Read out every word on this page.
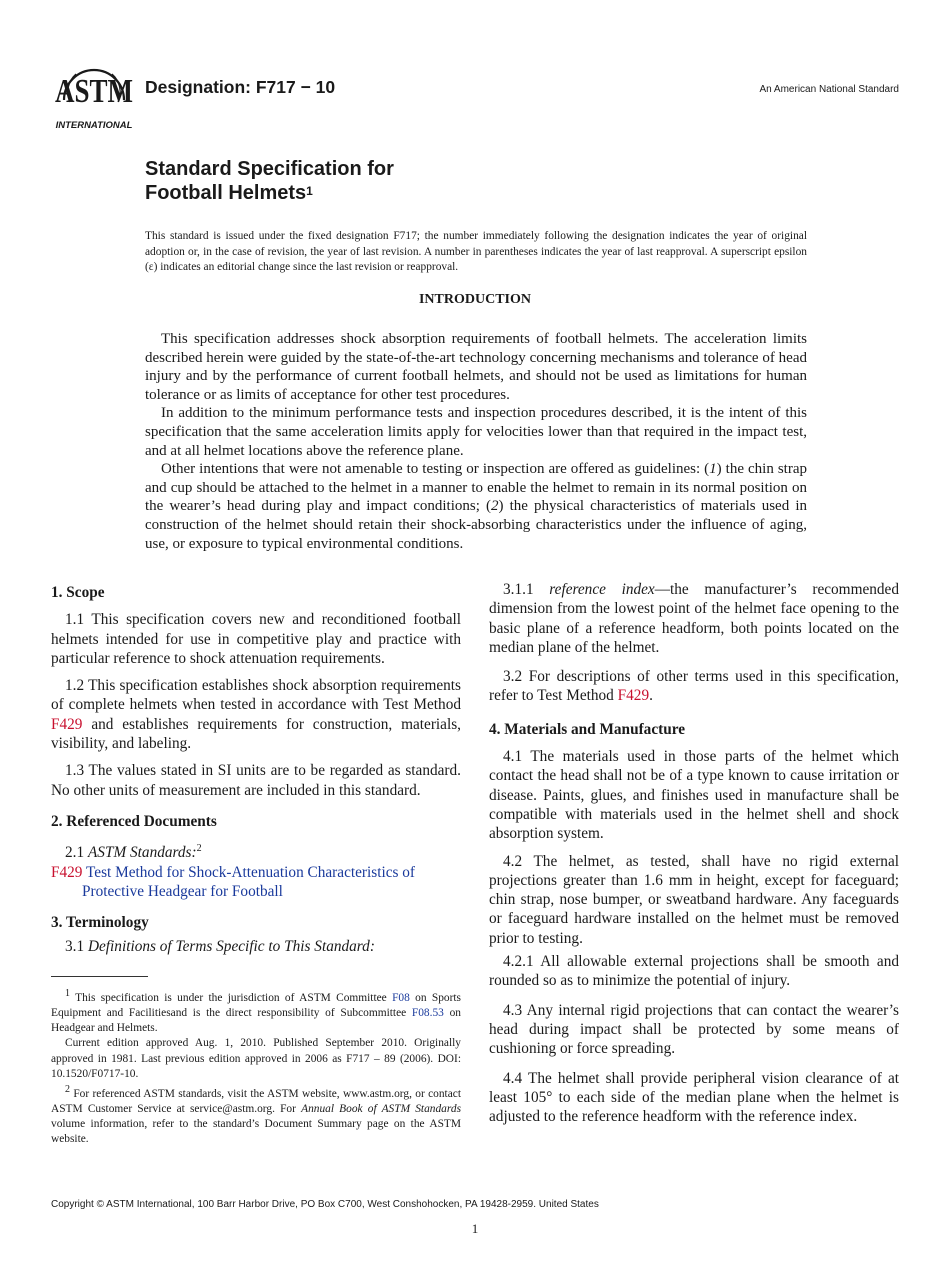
ASTM
INTERNATIONAL
Designation: F717 − 10	An American National Standard
Standard Specification for
Football Helmets$^1$
This standard is issued under the fixed designation F717; the number immediately following the designation indicates the year of original adoption or, in the case of revision, the year of last revision. A number in parentheses indicates the year of last reapproval. A superscript epsilon (ε) indicates an editorial change since the last revision or reapproval.
INTRODUCTION

This specification addresses shock absorption requirements of football helmets. The acceleration limits described herein were guided by the state-of-the-art technology concerning mechanisms and tolerance of head injury and by the performance of current football helmets, and should not be used as limitations for human tolerance or as limits of acceptance for other test procedures.

In addition to the minimum performance tests and inspection procedures described, it is the intent of this specification that the same acceleration limits apply for velocities lower than that required in the impact test, and at all helmet locations above the reference plane.

Other intentions that were not amenable to testing or inspection are offered as guidelines: (1) the chin strap and cup should be attached to the helmet in a manner to enable the helmet to remain in its normal position on the wearer’s head during play and impact conditions; (2) the physical characteristics of materials used in construction of the helmet should retain their shock-absorbing characteristics under the influence of aging, use, or exposure to typical environmental conditions.

1. Scope

1.1 This specification covers new and reconditioned football helmets intended for use in competitive play and practice with particular reference to shock attenuation requirements.

1.2 This specification establishes shock absorption requirements of complete helmets when tested in accordance with Test Method F429 and establishes requirements for construction, materials, visibility, and labeling.

1.3 The values stated in SI units are to be regarded as standard. No other units of measurement are included in this standard.

2. Referenced Documents

2.1 ASTM Standards:$^2$

F429 Test Method for Shock-Attenuation Characteristics of Protective Headgear for Football

3. Terminology

3.1 Definitions of Terms Specific to This Standard:

3.1.1 reference index—the manufacturer’s recommended dimension from the lowest point of the helmet face opening to the basic plane of a reference headform, both points located on the median plane of the helmet.

3.2 For descriptions of other terms used in this specification, refer to Test Method F429.

4. Materials and Manufacture

4.1 The materials used in those parts of the helmet which contact the head shall not be of a type known to cause irritation or disease. Paints, glues, and finishes used in manufacture shall be compatible with materials used in the helmet shell and shock absorption system.

4.2 The helmet, as tested, shall have no rigid external projections greater than 1.6 mm in height, except for faceguard; chin strap, nose bumper, or sweatband hardware. Any faceguards or faceguard hardware installed on the helmet must be removed prior to testing.

4.2.1 All allowable external projections shall be smooth and rounded so as to minimize the potential of injury.

4.3 Any internal rigid projections that can contact the wearer’s head during impact shall be protected by some means of cushioning or force spreading.

4.4 The helmet shall provide peripheral vision clearance of at least 105° to each side of the median plane when the helmet is adjusted to the reference headform with the reference index.

$^1$ This specification is under the jurisdiction of ASTM Committee F08 on Sports Equipment and Facilitiesand is the direct responsibility of Subcommittee F08.53 on Headgear and Helmets.

Current edition approved Aug. 1, 2010. Published September 2010. Originally approved in 1981. Last previous edition approved in 2006 as F717 – 89 (2006). DOI: 10.1520/F0717-10.

$^2$ For referenced ASTM standards, visit the ASTM website, www.astm.org, or contact ASTM Customer Service at service@astm.org. For Annual Book of ASTM Standards volume information, refer to the standard’s Document Summary page on the ASTM website.

Copyright © ASTM International, 100 Barr Harbor Drive, PO Box C700, West Conshohocken, PA 19428-2959. United States
1
